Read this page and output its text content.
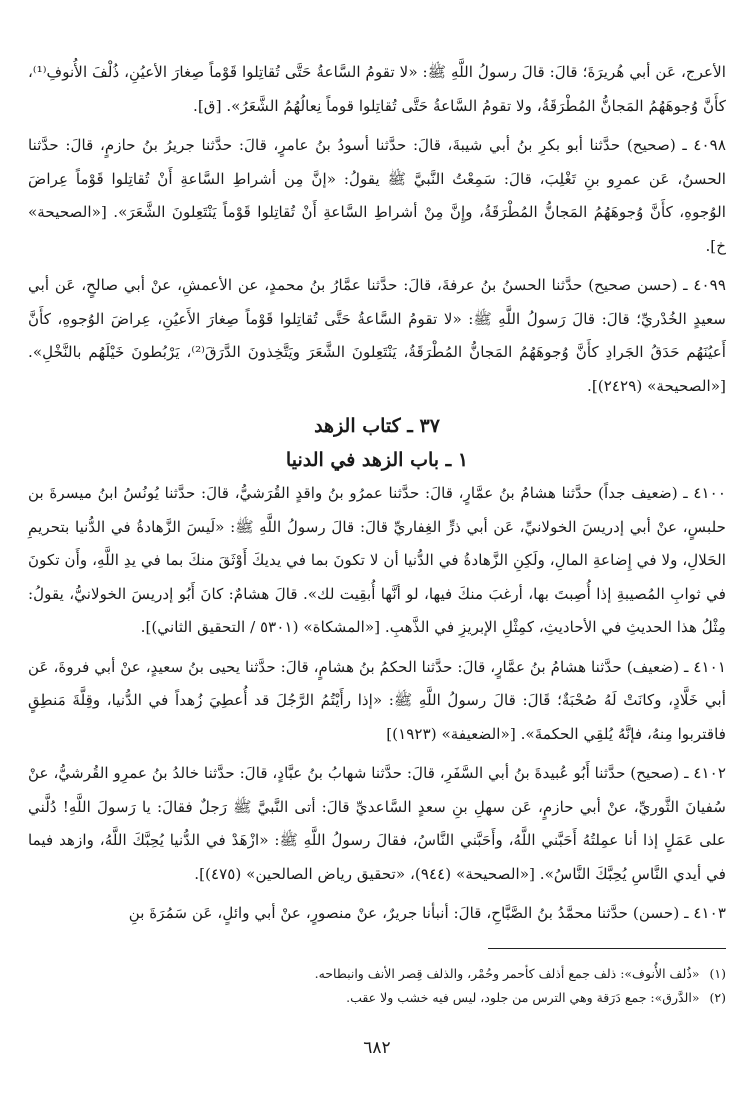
الأعرج، عَن أبي هُريرَةَ؛ قالَ: قالَ رسولُ اللَّهِ ﷺ: «لا تقومُ السَّاعةُ حَتَّى تُقاتِلوا قَوْماً صِغارَ الأعيُنِ، ذُلْفَ الأُنوفِ⁽¹⁾، كأَنَّ وُجوهَهُمُ المَجانُّ المُطْرَقَةُ، ولا تقومُ السَّاعةُ حَتَّى تُقاتِلوا قوماً نِعالُهُمُ الشَّعَرُ». [ق].

٤٠٩٨ ـ (صحيح) حدَّثنا أبو بكرِ بنُ أبي شيبةَ، قالَ: حدَّثنا أسودُ بنُ عامرٍ، قالَ: حدَّثنا جريرُ بنُ حازمٍ، قالَ: حدَّثنا الحسنُ، عَن عمرِو بنِ تَغْلِبَ، قالَ: سَمِعْتُ النَّبيَّ ﷺ يقولُ: «إنَّ مِن أشراطِ السَّاعةِ أَنْ تُقاتِلوا قَوْماً عِراضَ الوُجوهِ، كأَنَّ وُجوهَهُمُ المَجانُّ المُطْرَقَةُ، وإِنَّ مِنْ أشراطِ السَّاعةِ أَنْ تُقاتِلوا قَوْماً يَنْتَعِلونَ الشَّعَرَ». [«الصحيحة» خ].

٤٠٩٩ ـ (حسن صحيح) حدَّثنا الحسنُ بنُ عرفةَ، قالَ: حدَّثنا عمَّارُ بنُ محمدٍ، عن الأعمشِ، عنْ أبي صالحٍ، عَن أبي سعيدٍ الخُدْريِّ؛ قالَ: قالَ رَسولُ اللَّهِ ﷺ: «لا تقومُ السَّاعةُ حَتَّى تُقاتِلوا قَوْماً صِغارَ الأَعيُنِ، عِراضَ الوُجوهِ، كأَنَّ أَعيُنَهُم حَدَقُ الجَرادِ كأَنَّ وُجوهَهُمُ المَجانُّ المُطْرَقَةُ، يَنْتَعِلونَ الشَّعَرَ ويَتَّخِذونَ الدَّرَقَ⁽²⁾، يَرْبُطونَ خَيْلَهُم بالنَّخْلِ». [«الصحيحة» (٢٤٢٩)].

٣٧ ـ كتاب الزهد
١ ـ باب الزهد في الدنيا

٤١٠٠ ـ (ضعيف جداً) حدَّثنا هشامُ بنُ عمَّارٍ، قالَ: حدَّثنا عمرُو بنُ واقدٍ القُرَشيُّ، قالَ: حدَّثنا يُونُسُ ابنُ ميسرةَ بن حلبسٍ، عنْ أبي إدريسَ الخولانيِّ، عَن أبي ذرٍّ الغِفاريِّ قالَ: قالَ رسولُ اللَّهِ ﷺ: «لَيسَ الزَّهادةُ في الدُّنيا بتحريمِ الحَلالِ، ولا في إِضاعةِ المالِ، ولَكِنِ الزَّهادةُ في الدُّنيا أن لا تكونَ بما في يديكَ أَوْثَقَ منكَ بما في يدِ اللَّهِ، وأَن تكونَ في ثوابِ المُصيبةِ إذا أُصِبتَ بها، أرغبَ منكَ فيها، لو أنَّها أُبقِيت لك». قالَ هشامٌ: كانَ أَبُو إدريسَ الخولانيُّ، يقولُ: مِثْلُ هذا الحديثِ في الأحاديثِ، كمِثْلِ الإبريزِ في الذَّهبِ. [«المشكاة» (٥٣٠١ / التحقيق الثاني)].

٤١٠١ ـ (ضعيف) حدَّثنا هشامُ بنُ عمَّارٍ، قالَ: حدَّثنا الحكمُ بنُ هشامٍ، قالَ: حدَّثنا يحيى بنُ سعيدٍ، عنْ أبي فروةَ، عَن أبي خَلَّادٍ، وكانَتْ لَهُ صُحْبَةٌ؛ قَالَ: قالَ رسولُ اللَّهِ ﷺ: «إذا رأَيْتُمُ الرَّجُلَ قد أُعطِيَ زُهداً في الدُّنيا، وقِلَّةَ مَنطِقٍ فاقتربوا مِنهُ، فإنَّهُ يُلقِي الحكمةَ». [«الضعيفة» (١٩٢٣)]

٤١٠٢ ـ (صحيح) حدَّثنا أَبُو عُبيدةَ بنُ أبي السَّفَرِ، قالَ: حدَّثنا شهابُ بنُ عبَّادٍ، قالَ: حدَّثنا خالدُ بنُ عمرِو القُرشيُّ، عنْ سُفيانَ الثَّوريِّ، عنْ أبي حازمٍ، عَن سهلِ بنِ سعدٍ السَّاعديِّ قالَ: أتى النَّبيَّ ﷺ رَجلٌ فقالَ: يا رَسولَ اللَّهِ! دُلَّني على عَمَلٍ إذا أنا عمِلتُهُ أَحَبَّني اللَّهُ، وأَحَبَّني النَّاسُ، فقالَ رسولُ اللَّهِ ﷺ: «ازْهَدْ في الدُّنيا يُحِبَّكَ اللَّهُ، وازهد فيما في أيدي النَّاسِ يُحِبَّكَ النَّاسُ». [«الصحيحة» (٩٤٤)، «تحقيق رياض الصالحين» (٤٧٥)].

٤١٠٣ ـ (حسن) حدَّثنا محمَّدُ بنُ الصَّبَّاحِ، قالَ: أنبأنا جريرٌ، عنْ منصورٍ، عنْ أبي وائلٍ، عَن سَمُرَةَ بنِ

(١)
«ذُلف الأُنوف»: ذلف جمع أذلف كأحمر وحُمْر، والذلف قِصر الأنف وانبطاحه.
(٢)
«الدَّرق»: جمع دَرَقة وهي الترس من جلود، ليس فيه خشب ولا عقب.
٦٨٢
